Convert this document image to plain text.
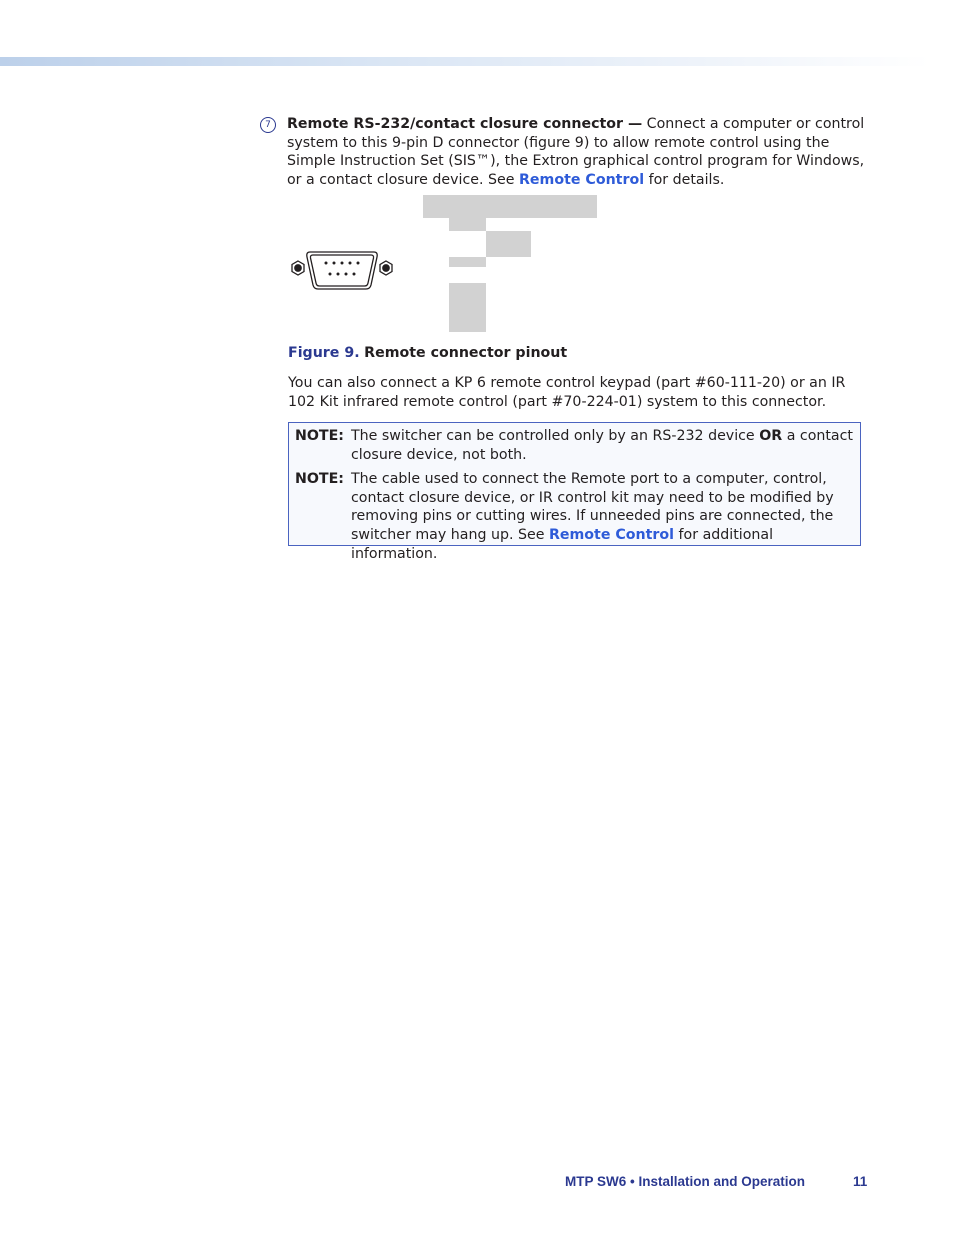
7	Remote RS-232/contact closure connector — Connect a computer or control system to this 9-pin D connector (figure 9) to allow remote control using the Simple Instruction Set (SIS™), the Extron graphical control program for Windows, or a contact closure device. See Remote Control for details.
Figure 9. Remote connector pinout
You can also connect a KP 6 remote control keypad (part #60-111-20) or an IR 102 Kit infrared remote control (part #70-224-01) system to this connector.
NOTE: The switcher can be controlled only by an RS-232 device OR a contact closure device, not both.
NOTE: The cable used to connect the Remote port to a computer, control, contact closure device, or IR control kit may need to be modified by removing pins or cutting wires. If unneeded pins are connected, the switcher may hang up. See Remote Control for additional information.
MTP SW6 • Installation and Operation	11
